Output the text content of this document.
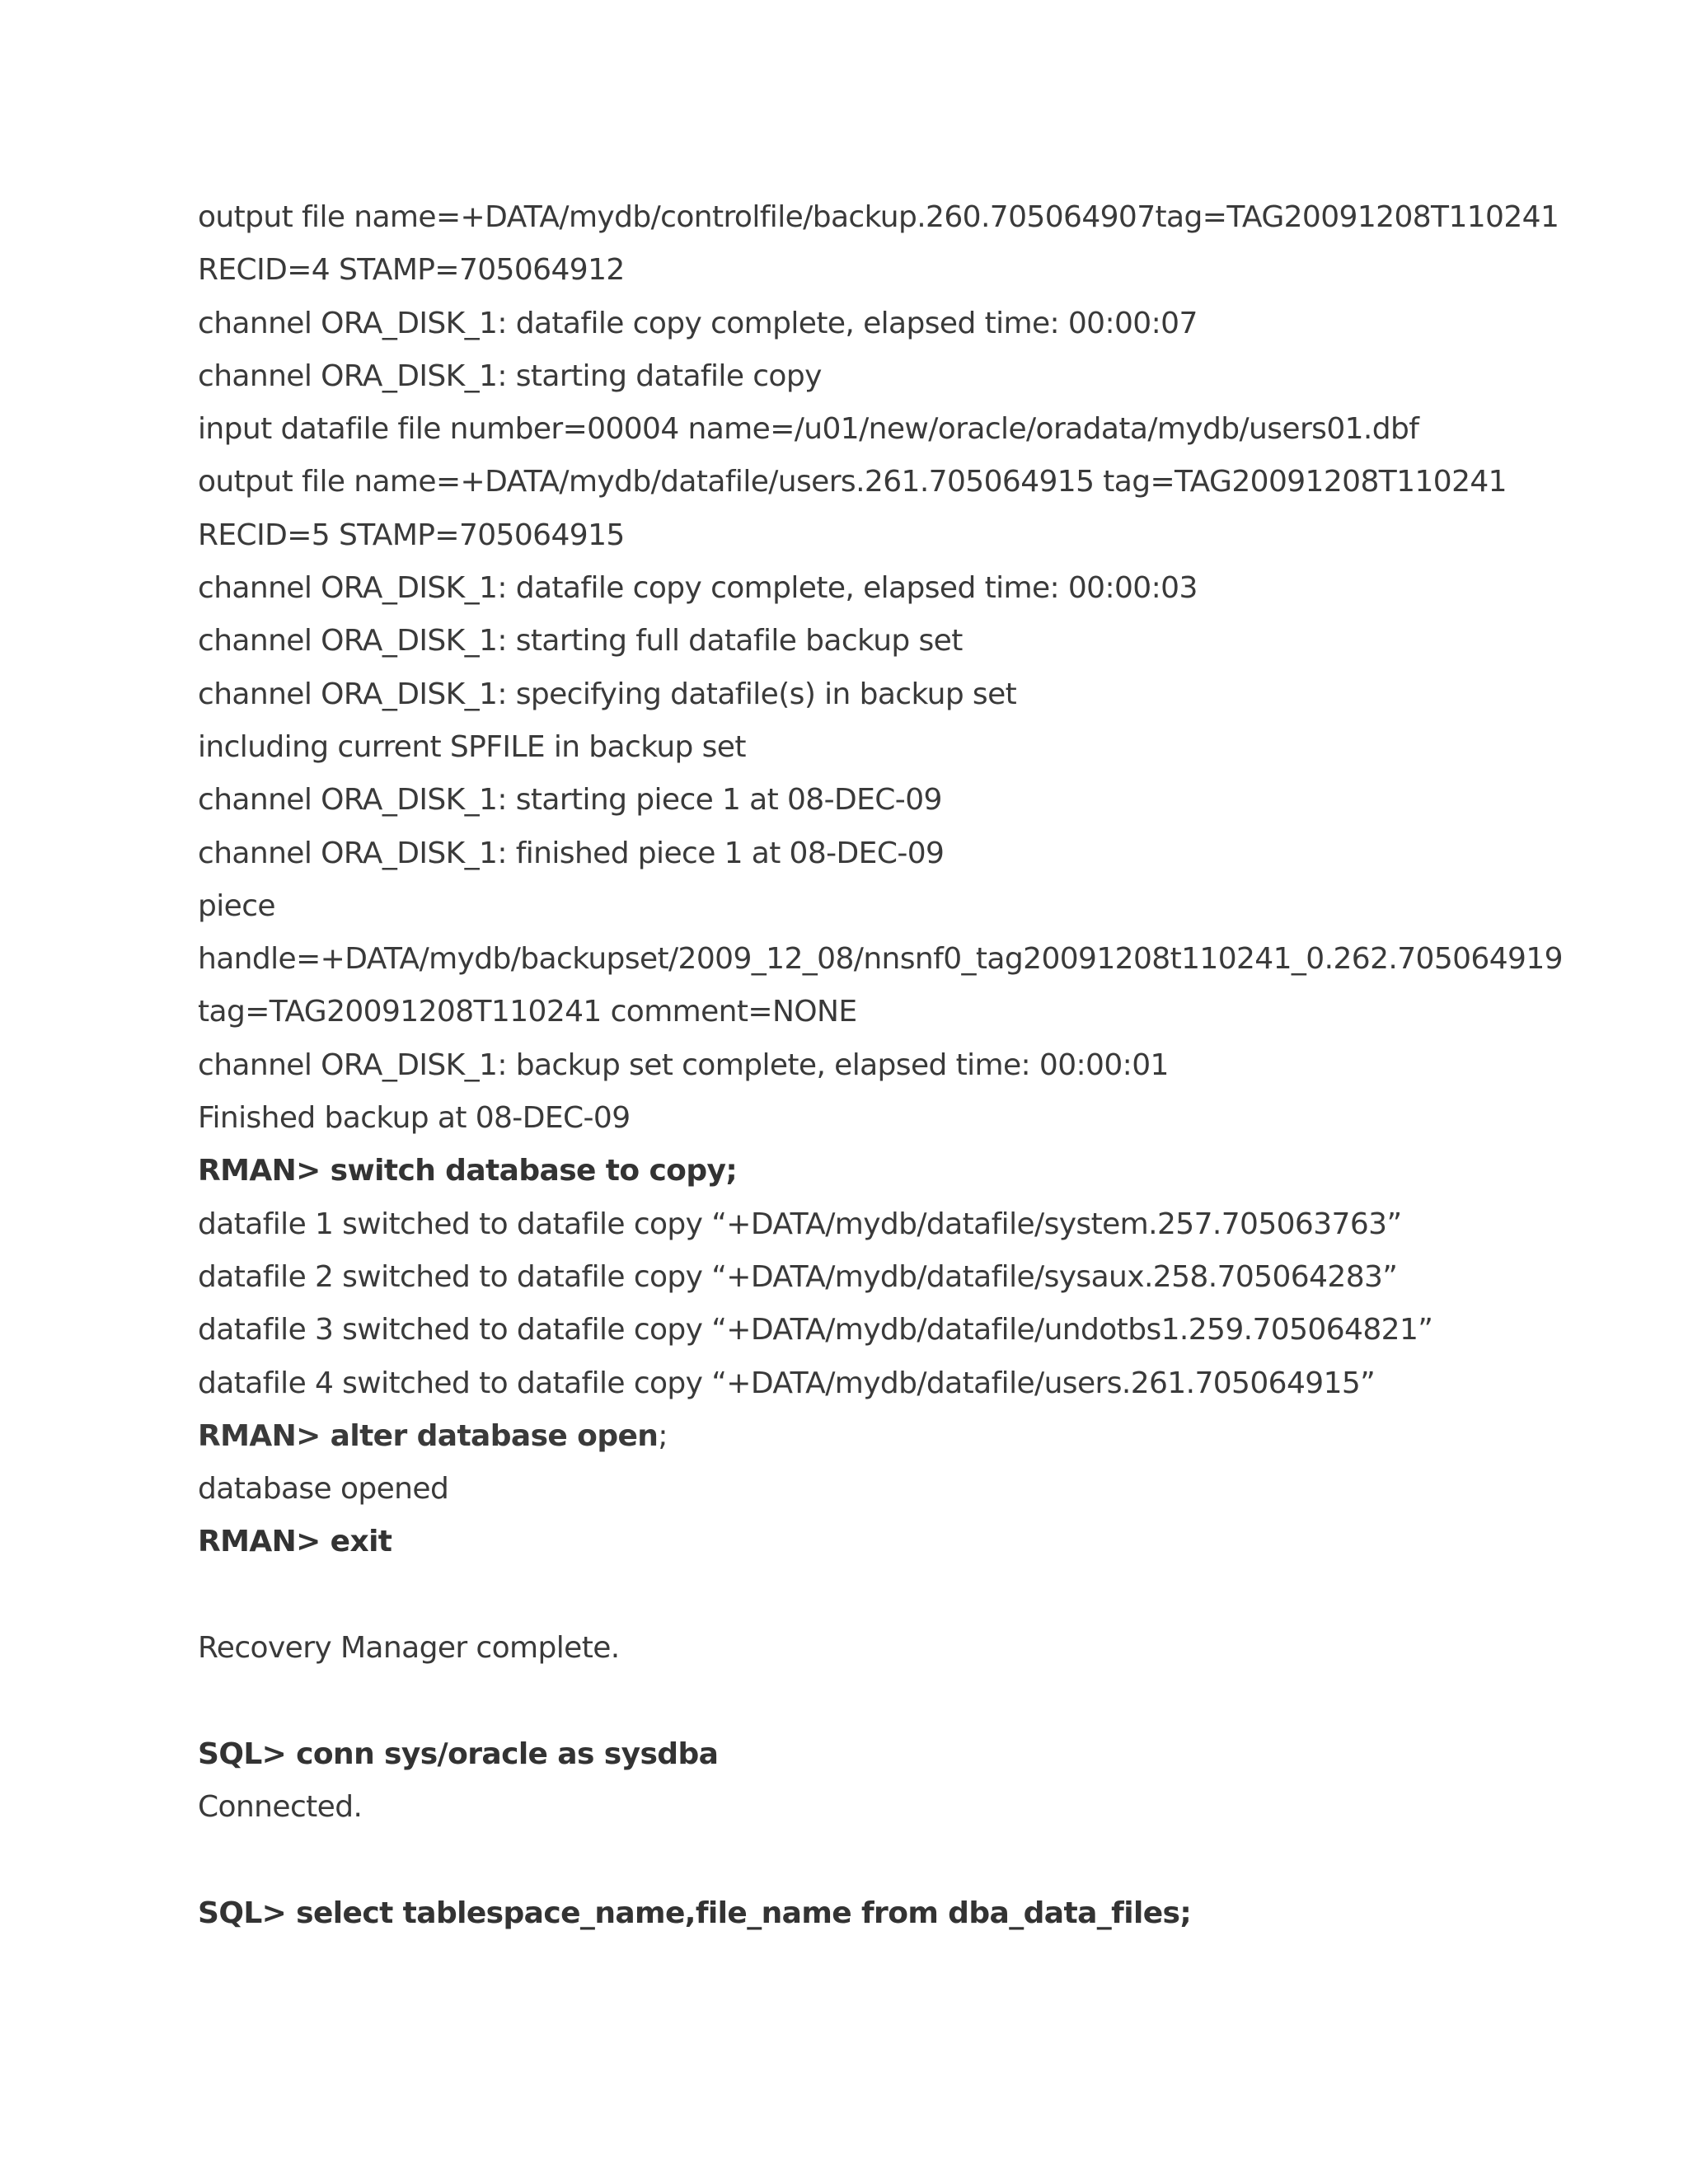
output file name=+DATA/mydb/controlfile/backup.260.705064907tag=TAG20091208T110241
RECID=4 STAMP=705064912
channel ORA_DISK_1: datafile copy complete, elapsed time: 00:00:07
channel ORA_DISK_1: starting datafile copy
input datafile file number=00004 name=/u01/new/oracle/oradata/mydb/users01.dbf
output file name=+DATA/mydb/datafile/users.261.705064915 tag=TAG20091208T110241
RECID=5 STAMP=705064915
channel ORA_DISK_1: datafile copy complete, elapsed time: 00:00:03
channel ORA_DISK_1: starting full datafile backup set
channel ORA_DISK_1: specifying datafile(s) in backup set
including current SPFILE in backup set
channel ORA_DISK_1: starting piece 1 at 08-DEC-09
channel ORA_DISK_1: finished piece 1 at 08-DEC-09
piece
handle=+DATA/mydb/backupset/2009_12_08/nnsnf0_tag20091208t110241_0.262.705064919
tag=TAG20091208T110241 comment=NONE
channel ORA_DISK_1: backup set complete, elapsed time: 00:00:01
Finished backup at 08-DEC-09
RMAN> switch database to copy;
datafile 1 switched to datafile copy “+DATA/mydb/datafile/system.257.705063763”
datafile 2 switched to datafile copy “+DATA/mydb/datafile/sysaux.258.705064283”
datafile 3 switched to datafile copy “+DATA/mydb/datafile/undotbs1.259.705064821”
datafile 4 switched to datafile copy “+DATA/mydb/datafile/users.261.705064915”
RMAN> alter database open;
database opened
RMAN> exit
Recovery Manager complete.
SQL> conn sys/oracle as sysdba
Connected.
SQL> select tablespace_name,file_name from dba_data_files;
